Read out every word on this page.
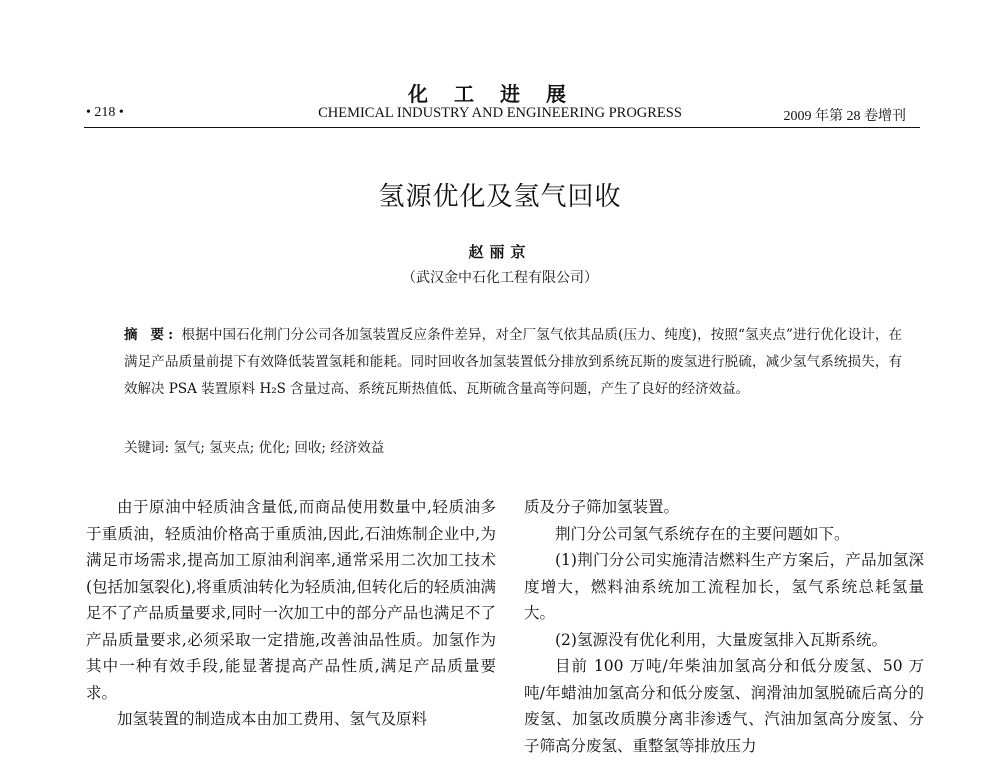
化工进展
• 218 •	CHEMICAL INDUSTRY AND ENGINEERING PROGRESS	2009 年第 28 卷增刊
氢源优化及氢气回收
赵丽京
（武汉金中石化工程有限公司）
摘 要: 根据中国石化荆门分公司各加氢装置反应条件差异，对全厂氢气依其品质(压力、纯度)，按照“氢夹点”进行优化设计，在满足产品质量前提下有效降低装置氢耗和能耗。同时回收各加氢装置低分排放到系统瓦斯的废氢进行脱硫，减少氢气系统损失，有效解决 PSA 装置原料 H₂S 含量过高、系统瓦斯热值低、瓦斯硫含量高等问题，产生了良好的经济效益。
关键词: 氢气; 氢夹点; 优化; 回收; 经济效益

由于原油中轻质油含量低,而商品使用数量中,轻质油多于重质油，轻质油价格高于重质油,因此,石油炼制企业中,为满足市场需求,提高加工原油利润率,通常采用二次加工技术(包括加氢裂化),将重质油转化为轻质油,但转化后的轻质油满足不了产品质量要求,同时一次加工中的部分产品也满足不了产品质量要求,必须采取一定措施,改善油品性质。加氢作为其中一种有效手段,能显著提高产品性质,满足产品质量要求。

加氢装置的制造成本由加工费用、氢气及原料

质及分子筛加氢装置。

荆门分公司氢气系统存在的主要问题如下。

(1)荆门分公司实施清洁燃料生产方案后，产品加氢深度增大，燃料油系统加工流程加长，氢气系统总耗氢量大。

(2)氢源没有优化利用，大量废氢排入瓦斯系统。

目前 100 万吨/年柴油加氢高分和低分废氢、50 万吨/年蜡油加氢高分和低分废氢、润滑油加氢脱硫后高分的废氢、加氢改质膜分离非渗透气、汽油加氢高分废氢、分子筛高分废氢、重整氢等排放压力
